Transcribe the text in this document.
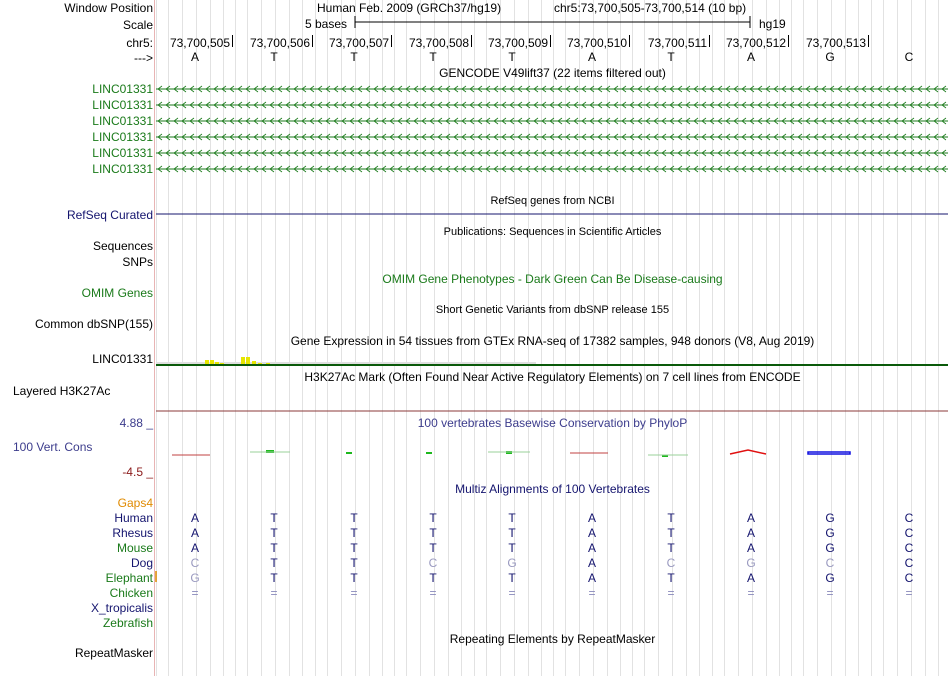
Window Position	Human Feb. 2009 (GRCh37/hg19)	chr5:73,700,505-73,700,514 (10 bp)
Scale	5 bases	hg19
chr5:	73,700,505	73,700,506	73,700,507	73,700,508	73,700,509	73,700,510	73,700,511	73,700,512	73,700,513
--->	A	T	T	T	T	A	T	A	G	C
GENCODE V49lift37 (22 items filtered out)
LINC01331
LINC01331
LINC01331
LINC01331
LINC01331
LINC01331
RefSeq genes from NCBI
RefSeq Curated
Publications: Sequences in Scientific Articles
Sequences
SNPs
OMIM Gene Phenotypes - Dark Green Can Be Disease-causing
OMIM Genes
Short Genetic Variants from dbSNP release 155
Common dbSNP(155)
Gene Expression in 54 tissues from GTEx RNA-seq of 17382 samples, 948 donors (V8, Aug 2019)
LINC01331
H3K27Ac Mark (Often Found Near Active Regulatory Elements) on 7 cell lines from ENCODE
Layered H3K27Ac
100 vertebrates Basewise Conservation by PhyloP
4.88 _
100 Vert. Cons
-4.5 _
Gaps4
Multiz Alignments of 100 Vertebrates
Human	A	T	T	T	T	A	T	A	G	C
Rhesus	A	T	T	T	T	A	T	A	G	C
Mouse	A	T	T	T	T	A	T	A	G	C
Dog	C	T	T	C	G	A	C	G	C	C
Elephant	G	T	T	T	T	A	T	A	G	C
Chicken	=	=	=	=	=	=	=	=	=	=
X_tropicalis
Zebrafish
Repeating Elements by RepeatMasker
RepeatMasker
